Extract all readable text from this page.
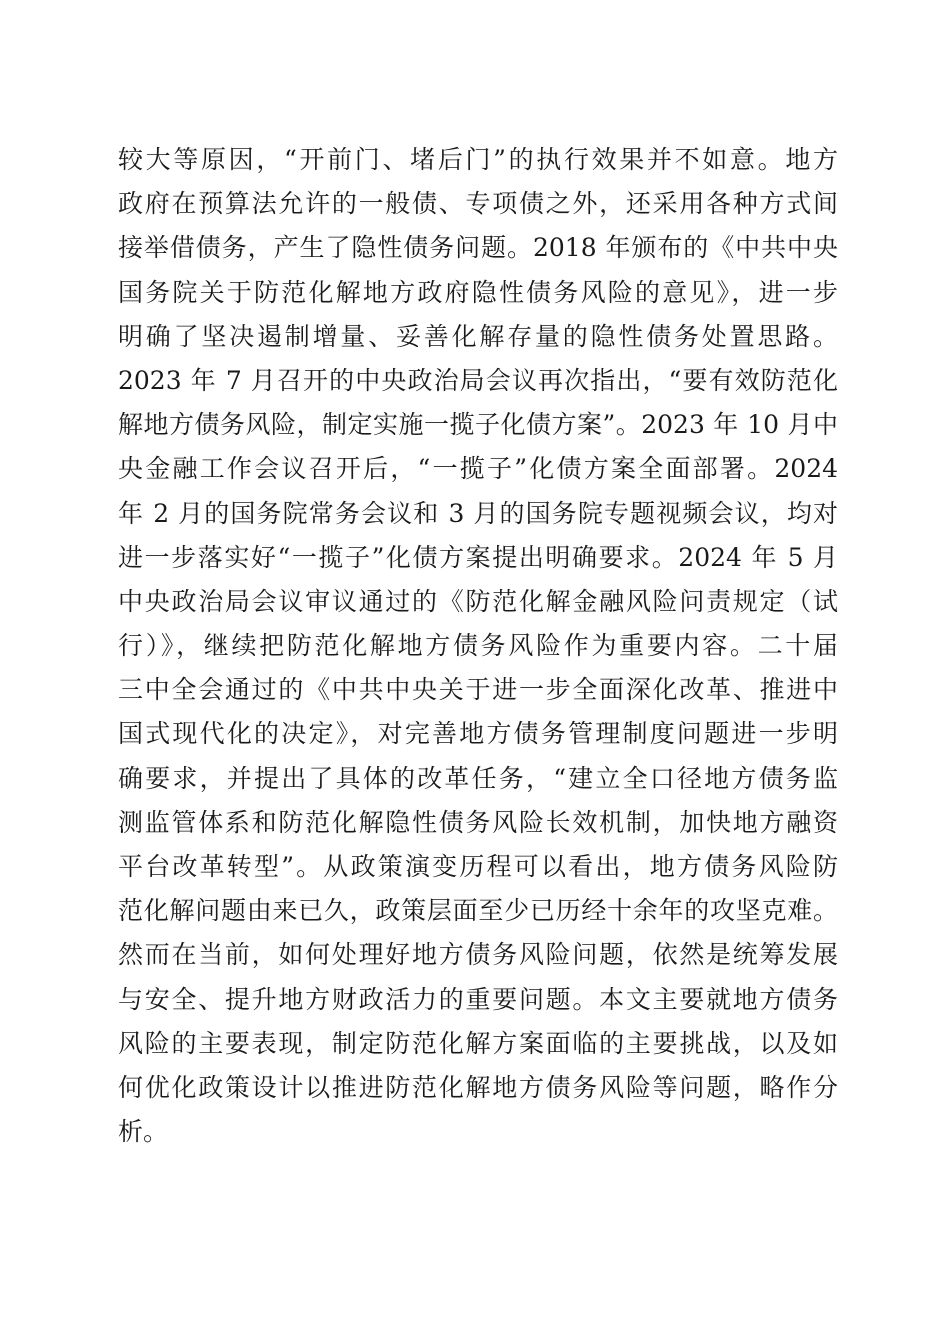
较大等原因，“开前门、堵后门”的执行效果并不如意。地方
政府在预算法允许的一般债、专项债之外，还采用各种方式间
接举借债务，产生了隐性债务问题。2018 年颁布的《中共中央
国务院关于防范化解地方政府隐性债务风险的意见》，进一步
明确了坚决遏制增量、妥善化解存量的隐性债务处置思路。
2023 年 7 月召开的中央政治局会议再次指出，“要有效防范化
解地方债务风险，制定实施一揽子化债方案”。2023 年 10 月中
央金融工作会议召开后，“一揽子”化债方案全面部署。2024
年 2 月的国务院常务会议和 3 月的国务院专题视频会议，均对
进一步落实好“一揽子”化债方案提出明确要求。2024 年 5 月
中央政治局会议审议通过的《防范化解金融风险问责规定（试
行）》，继续把防范化解地方债务风险作为重要内容。二十届
三中全会通过的《中共中央关于进一步全面深化改革、推进中
国式现代化的决定》，对完善地方债务管理制度问题进一步明
确要求，并提出了具体的改革任务，“建立全口径地方债务监
测监管体系和防范化解隐性债务风险长效机制，加快地方融资
平台改革转型”。从政策演变历程可以看出，地方债务风险防
范化解问题由来已久，政策层面至少已历经十余年的攻坚克难。
然而在当前，如何处理好地方债务风险问题，依然是统筹发展
与安全、提升地方财政活力的重要问题。本文主要就地方债务
风险的主要表现，制定防范化解方案面临的主要挑战，以及如
何优化政策设计以推进防范化解地方债务风险等问题，略作分
析。
